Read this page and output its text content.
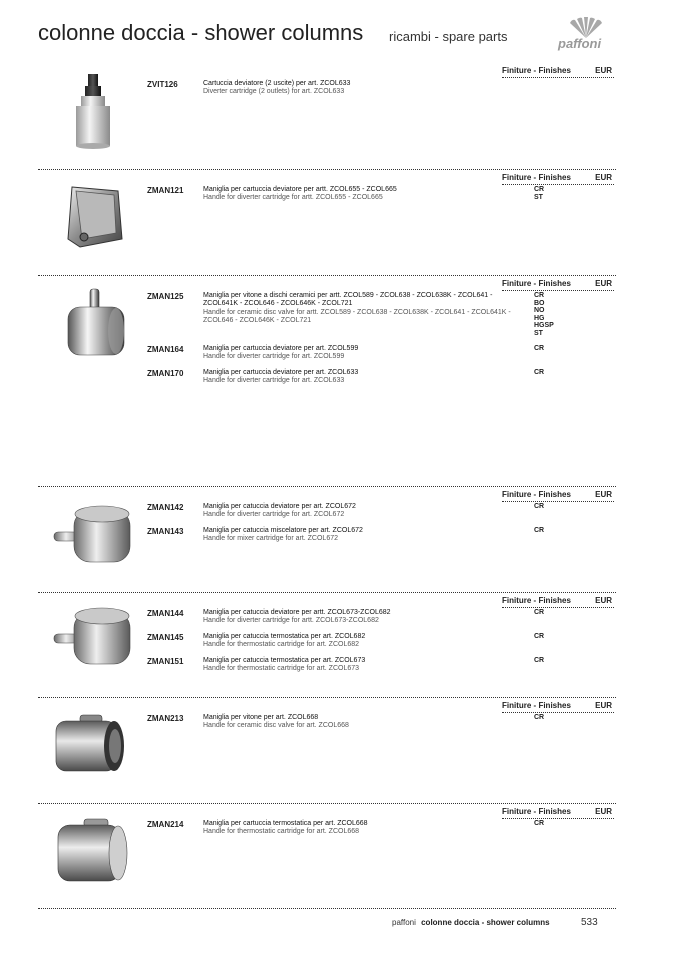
colonne doccia - shower columns ricambi - spare parts	paffoni
Finiture - Finishes	EUR
ZVIT126	Cartuccia deviatore (2 uscite) per art. ZCOL633
Diverter cartridge (2 outlets) for art. ZCOL633
Finiture - Finishes	EUR
ZMAN121	Maniglia per cartuccia deviatore per artt. ZCOL655 - ZCOL665
Handle for diverter cartridge for artt. ZCOL655 - ZCOL665
CR
ST
Finiture - Finishes	EUR
ZMAN125	Maniglia per vitone a dischi ceramici per artt. ZCOL589 - ZCOL638 - ZCOL638K - ZCOL641 - ZCOL641K - ZCOL646 - ZCOL646K - ZCOL721
Handle for ceramic disc valve for artt. ZCOL589 - ZCOL638 - ZCOL638K - ZCOL641 - ZCOL641K - ZCOL646 - ZCOL646K - ZCOL721
CR
BO
NO
HG
HGSP
ST
ZMAN164	Maniglia per cartuccia deviatore per art. ZCOL599
Handle for diverter cartridge for art. ZCOL599
CR
ZMAN170	Maniglia per cartuccia deviatore per art. ZCOL633
Handle for diverter cartridge for art. ZCOL633
CR
Finiture - Finishes	EUR
ZMAN142	Maniglia per catuccia deviatore per art. ZCOL672
Handle for diverter cartridge for art. ZCOL672
CR
ZMAN143	Maniglia per catuccia miscelatore per art. ZCOL672
Handle for mixer cartridge for art. ZCOL672
CR
Finiture - Finishes	EUR
ZMAN144	Maniglia per catuccia deviatore per artt. ZCOL673-ZCOL682
Handle for diverter cartridge for artt. ZCOL673-ZCOL682
CR
ZMAN145	Maniglia per catuccia termostatica per art. ZCOL682
Handle for thermostatic cartridge for art. ZCOL682
CR
ZMAN151	Maniglia per catuccia termostatica per art. ZCOL673
Handle for thermostatic cartridge for art. ZCOL673
CR
Finiture - Finishes	EUR
ZMAN213	Maniglia per vitone per art. ZCOL668
Handle for ceramic disc valve for art. ZCOL668
CR
Finiture - Finishes	EUR
ZMAN214	Maniglia per cartuccia termostatica per art. ZCOL668
Handle for thermostatic cartridge for art. ZCOL668
CR
paffoni colonne doccia - shower columns	533
